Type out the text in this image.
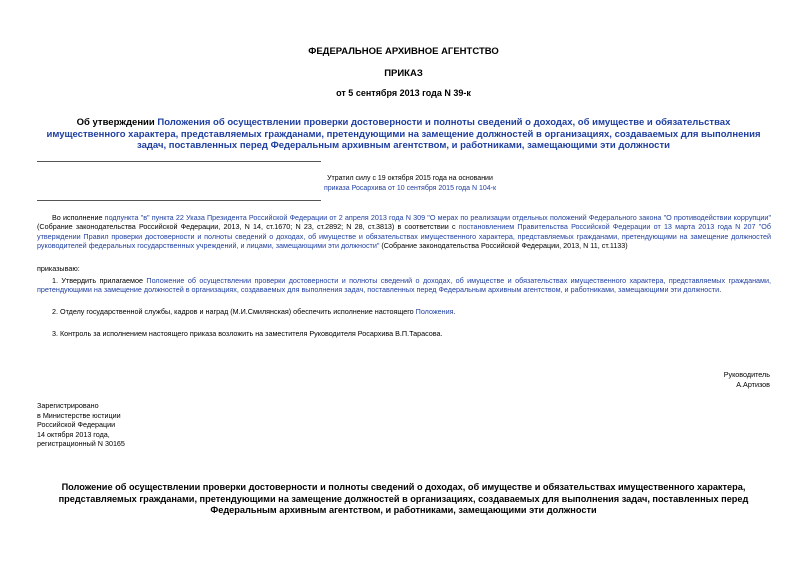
ФЕДЕРАЛЬНОЕ АРХИВНОЕ АГЕНТСТВО
ПРИКАЗ
от 5 сентября 2013 года N 39-к
Об утверждении Положения об осуществлении проверки достоверности и полноты сведений о доходах, об имуществе и обязательствах имущественного характера, представляемых гражданами, претендующими на замещение должностей в организациях, создаваемых для выполнения задач, поставленных перед Федеральным архивным агентством, и работниками, замещающими эти должности
Утратил силу с 19 октября 2015 года на основании
приказа Росархива от 10 сентября 2015 года N 104-к
Во исполнение подпункта "в" пункта 22 Указа Президента Российской Федерации от 2 апреля 2013 года N 309 "О мерах по реализации отдельных положений Федерального закона "О противодействии коррупции" (Собрание законодательства Российской Федерации, 2013, N 14, ст.1670; N 23, ст.2892; N 28, ст.3813) в соответствии с постановлением Правительства Российской Федерации от 13 марта 2013 года N 207 "Об утверждении Правил проверки достоверности и полноты сведений о доходах, об имуществе и обязательствах имущественного характера, представляемых гражданами, претендующими на замещение должностей руководителей федеральных государственных учреждений, и лицами, замещающими эти должности" (Собрание законодательства Российской Федерации, 2013, N 11, ст.1133)
приказываю:
1. Утвердить прилагаемое Положение об осуществлении проверки достоверности и полноты сведений о доходах, об имуществе и обязательствах имущественного характера, представляемых гражданами, претендующими на замещение должностей в организациях, создаваемых для выполнения задач, поставленных перед Федеральным архивным агентством, и работниками, замещающими эти должности.
2. Отделу государственной службы, кадров и наград (М.И.Смилянская) обеспечить исполнение настоящего Положения.
3. Контроль за исполнением настоящего приказа возложить на заместителя Руководителя Росархива В.П.Тарасова.
Руководитель
А.Артизов
Зарегистрировано
в Министерстве юстиции
Российской Федерации
14 октября 2013 года,
регистрационный N 30165
Положение об осуществлении проверки достоверности и полноты сведений о доходах, об имуществе и обязательствах имущественного характера, представляемых гражданами, претендующими на замещение должностей в организациях, создаваемых для выполнения задач, поставленных перед Федеральным архивным агентством, и работниками, замещающими эти должности
